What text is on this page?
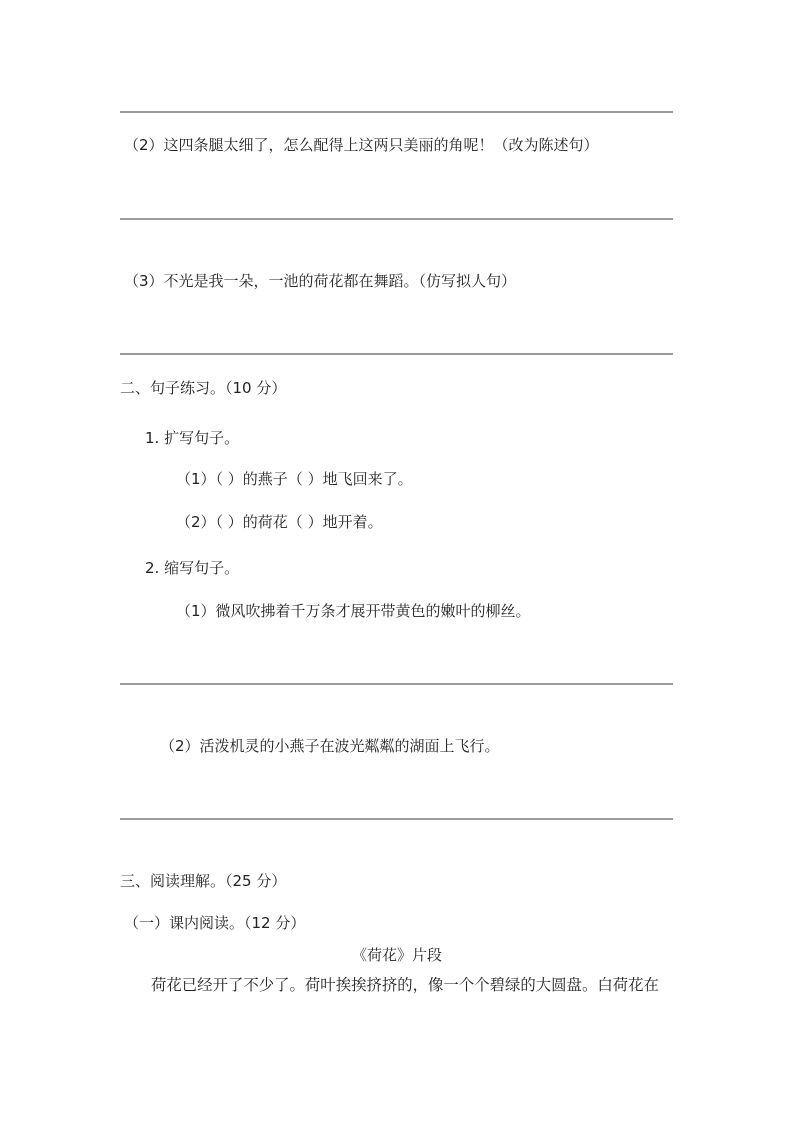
（2）这四条腿太细了，怎么配得上这两只美丽的角呢！（改为陈述句）
（3）不光是我一朵，一池的荷花都在舞蹈。（仿写拟人句）
二、句子练习。（10 分）
1. 扩写句子。
（1）（ ）的燕子（ ）地飞回来了。
（2）（ ）的荷花（ ）地开着。
2. 缩写句子。
（1）微风吹拂着千万条才展开带黄色的嫩叶的柳丝。
（2）活泼机灵的小燕子在波光粼粼的湖面上飞行。
三、阅读理解。（25 分）
（一）课内阅读。（12 分）
《荷花》片段
荷花已经开了不少了。荷叶挨挨挤挤的，像一个个碧绿的大圆盘。白荷花在
